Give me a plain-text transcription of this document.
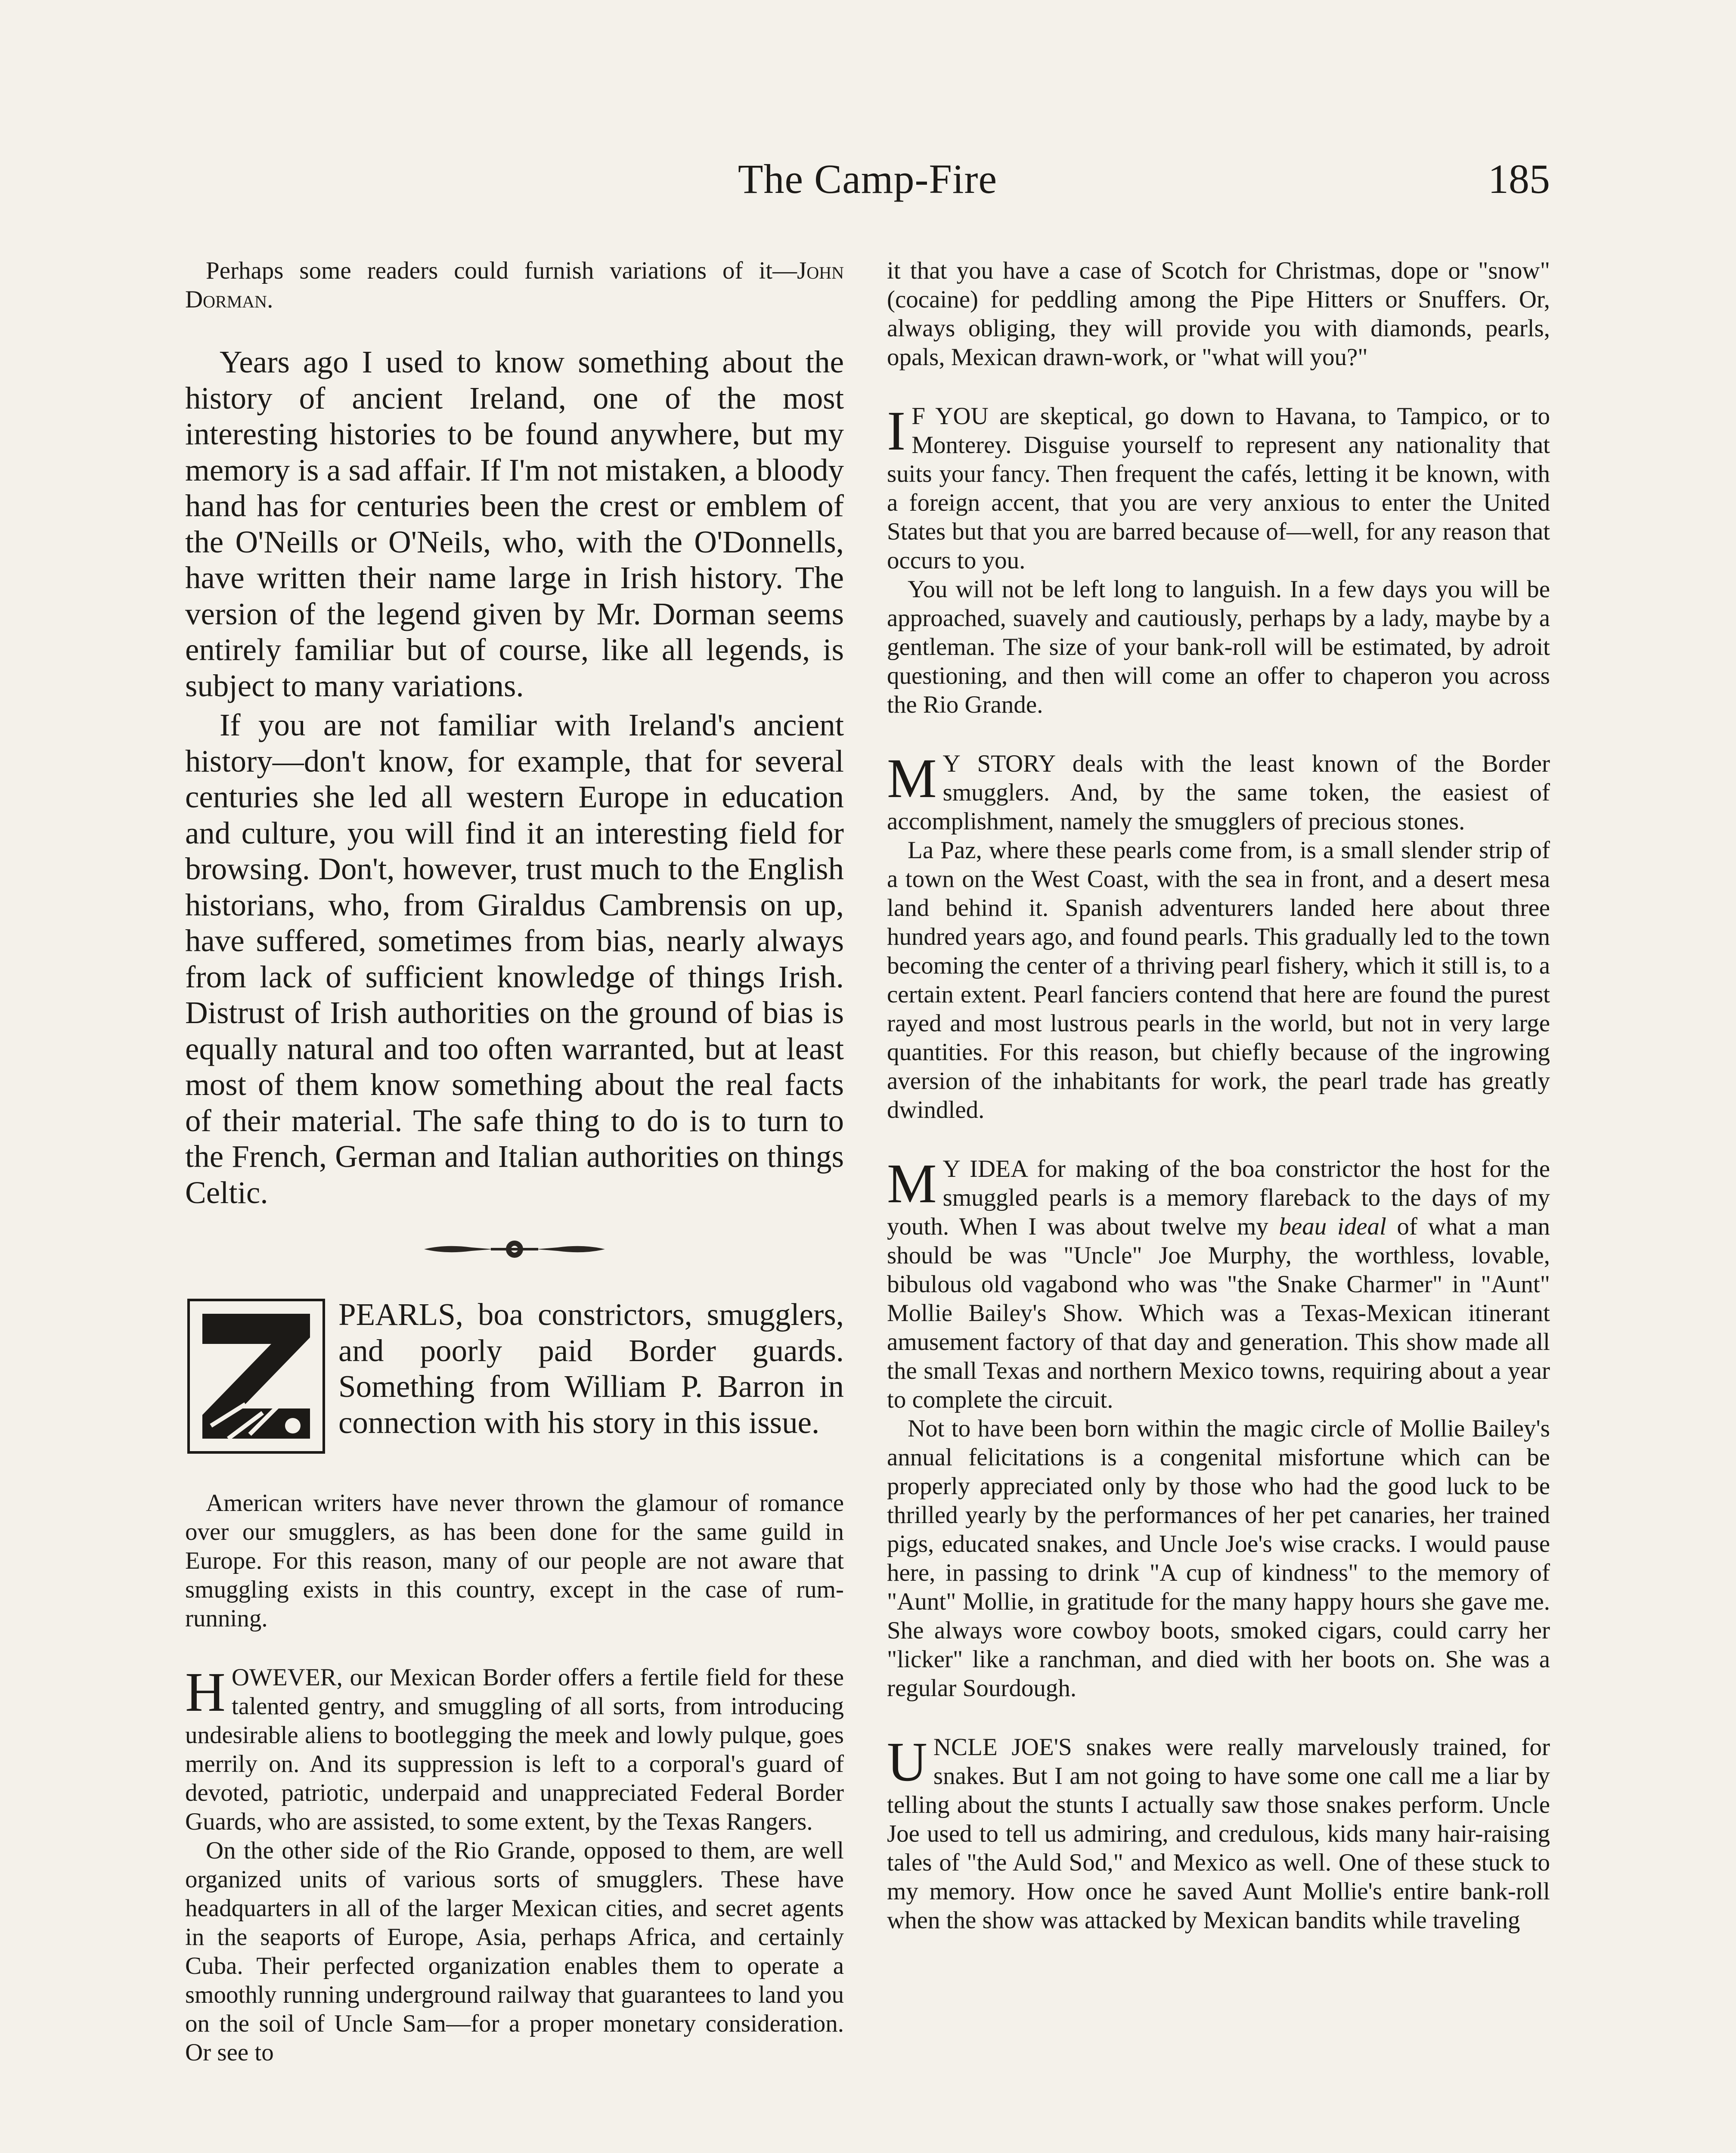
The Camp-Fire	185

Perhaps some readers could furnish variations of it—John Dorman.

Years ago I used to know something about the history of ancient Ireland, one of the most interesting histories to be found anywhere, but my memory is a sad affair. If I'm not mistaken, a bloody hand has for centuries been the crest or emblem of the O'Neills or O'Neils, who, with the O'Donnells, have written their name large in Irish history. The version of the legend given by Mr. Dorman seems entirely familiar but of course, like all legends, is subject to many variations.

If you are not familiar with Ireland's ancient history—don't know, for example, that for several centuries she led all western Europe in education and culture, you will find it an interesting field for browsing. Don't, however, trust much to the English historians, who, from Giraldus Cambrensis on up, have suffered, sometimes from bias, nearly always from lack of sufficient knowledge of things Irish. Distrust of Irish authorities on the ground of bias is equally natural and too often warranted, but at least most of them know something about the real facts of their material. The safe thing to do is to turn to the French, German and Italian authorities on things Celtic.

PEARLS, boa constrictors, smugglers, and poorly paid Border guards. Something from William P. Barron in connection with his story in this issue.

American writers have never thrown the glamour of romance over our smugglers, as has been done for the same guild in Europe. For this reason, many of our people are not aware that smuggling exists in this country, except in the case of rum-running.

H OWEVER, our Mexican Border offers a fertile field for these talented gentry, and smuggling of all sorts, from introducing undesirable aliens to bootlegging the meek and lowly pulque, goes merrily on. And its suppression is left to a corporal's guard of devoted, patriotic, underpaid and unappreciated Federal Border Guards, who are assisted, to some extent, by the Texas Rangers.

On the other side of the Rio Grande, opposed to them, are well organized units of various sorts of smugglers. These have headquarters in all of the larger Mexican cities, and secret agents in the seaports of Europe, Asia, perhaps Africa, and certainly Cuba. Their perfected organization enables them to operate a smoothly running underground railway that guarantees to land you on the soil of Uncle Sam—for a proper monetary consideration. Or see to

it that you have a case of Scotch for Christmas, dope or "snow" (cocaine) for peddling among the Pipe Hitters or Snuffers. Or, always obliging, they will provide you with diamonds, pearls, opals, Mexican drawn-work, or "what will you?"

I F YOU are skeptical, go down to Havana, to Tampico, or to Monterey. Disguise yourself to represent any nationality that suits your fancy. Then frequent the cafés, letting it be known, with a foreign accent, that you are very anxious to enter the United States but that you are barred because of—well, for any reason that occurs to you.

You will not be left long to languish. In a few days you will be approached, suavely and cautiously, perhaps by a lady, maybe by a gentleman. The size of your bank-roll will be estimated, by adroit questioning, and then will come an offer to chaperon you across the Rio Grande.

M Y STORY deals with the least known of the Border smugglers. And, by the same token, the easiest of accomplishment, namely the smugglers of precious stones.

La Paz, where these pearls come from, is a small slender strip of a town on the West Coast, with the sea in front, and a desert mesa land behind it. Spanish adventurers landed here about three hundred years ago, and found pearls. This gradually led to the town becoming the center of a thriving pearl fishery, which it still is, to a certain extent. Pearl fanciers contend that here are found the purest rayed and most lustrous pearls in the world, but not in very large quantities. For this reason, but chiefly because of the ingrowing aversion of the inhabitants for work, the pearl trade has greatly dwindled.

M Y IDEA for making of the boa constrictor the host for the smuggled pearls is a memory flareback to the days of my youth. When I was about twelve my beau ideal of what a man should be was "Uncle" Joe Murphy, the worthless, lovable, bibulous old vagabond who was "the Snake Charmer" in "Aunt" Mollie Bailey's Show. Which was a Texas-Mexican itinerant amusement factory of that day and generation. This show made all the small Texas and northern Mexico towns, requiring about a year to complete the circuit.

Not to have been born within the magic circle of Mollie Bailey's annual felicitations is a congenital misfortune which can be properly appreciated only by those who had the good luck to be thrilled yearly by the performances of her pet canaries, her trained pigs, educated snakes, and Uncle Joe's wise cracks. I would pause here, in passing to drink "A cup of kindness" to the memory of "Aunt" Mollie, in gratitude for the many happy hours she gave me. She always wore cowboy boots, smoked cigars, could carry her "licker" like a ranchman, and died with her boots on. She was a regular Sourdough.

U NCLE JOE'S snakes were really marvelously trained, for snakes. But I am not going to have some one call me a liar by telling about the stunts I actually saw those snakes perform. Uncle Joe used to tell us admiring, and credulous, kids many hair-raising tales of "the Auld Sod," and Mexico as well. One of these stuck to my memory. How once he saved Aunt Mollie's entire bank-roll when the show was attacked by Mexican bandits while traveling
